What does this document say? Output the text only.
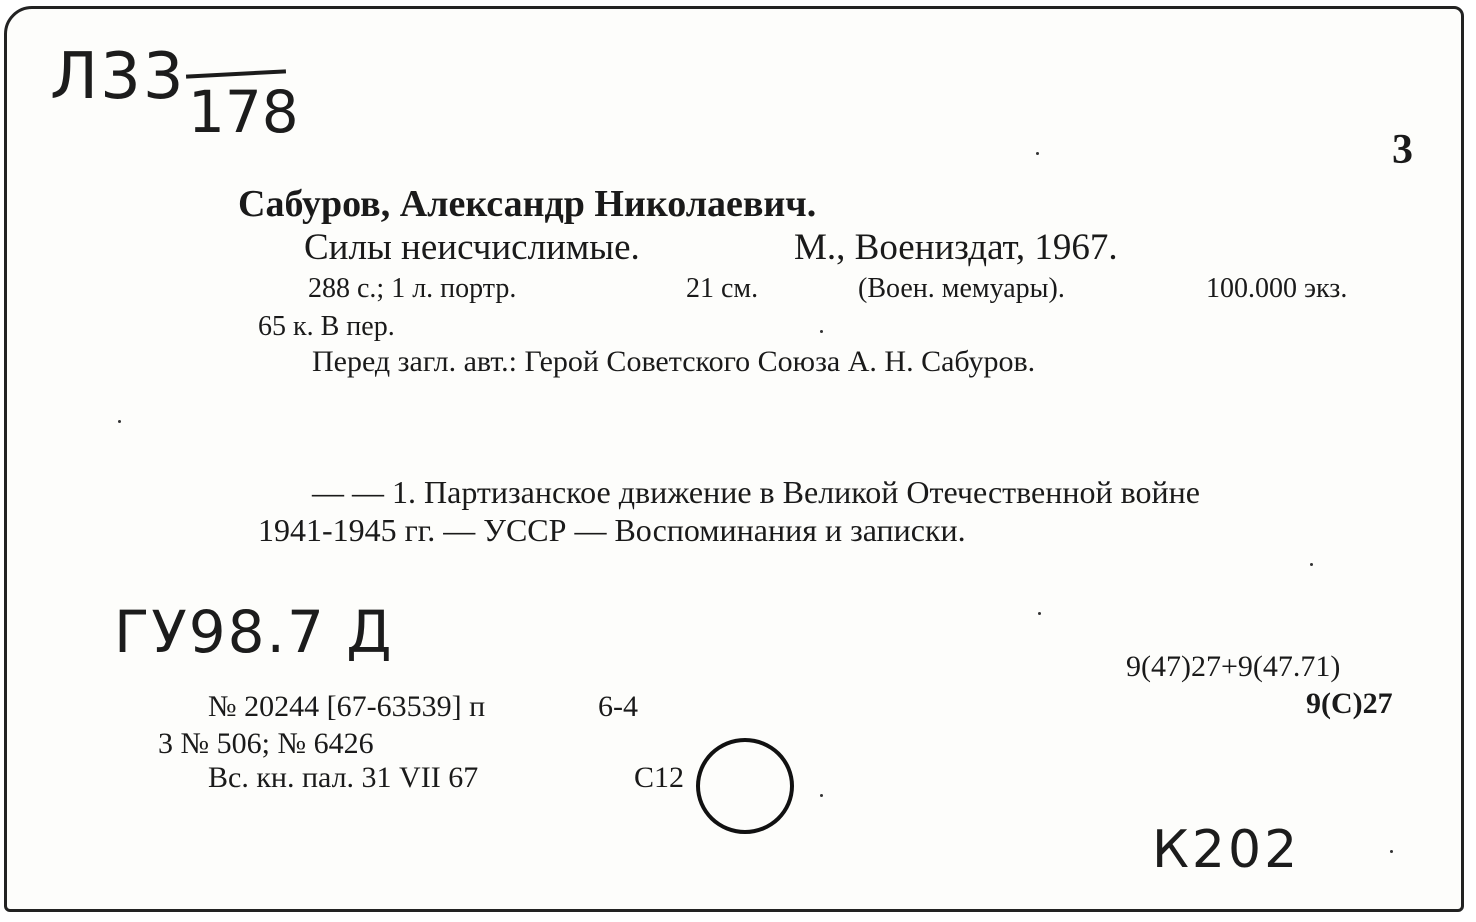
Л33 178
3
Сабуров, Александр Николаевич.
Силы неисчислимые.	М., Воениздат, 1967.
288 с.; 1 л. портр.	21 см.	(Воен. мемуары).	100.000 экз.
65 к. В пер.
Перед загл. авт.: Герой Советского Союза А. Н. Сабуров.
— — 1. Партизанское движение в Великой Отечественной войне
1941-1945 гг. — УССР — Воспоминания и записки.
ГУ98.7 Д
9(47)27+9(47.71)
9(С)27
№ 20244 [67-63539] п	6-4
3 № 506; № 6426
Вс. кн. пал. 31 VII 67	С12
К202
